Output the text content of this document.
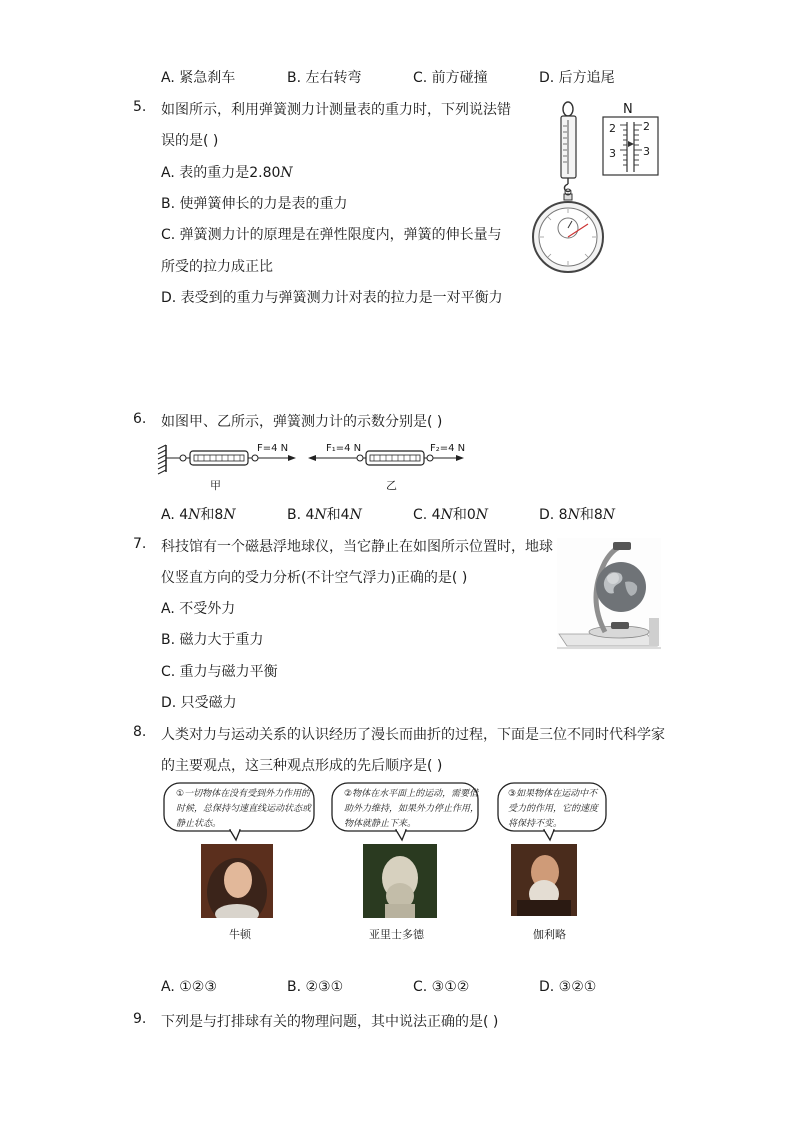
A. 紧急刹车	B. 左右转弯	C. 前方碰撞	D. 后方追尾
5. 如图所示，利用弹簧测力计测量表的重力时，下列说法错
误的是( )
A. 表的重力是2.80N
B. 使弹簧伸长的力是表的重力
C. 弹簧测力计的原理是在弹性限度内，弹簧的伸长量与
所受的拉力成正比
D. 表受到的重力与弹簧测力计对表的拉力是一对平衡力
N
2 2
3 3
6. 如图甲、乙所示，弹簧测力计的示数分别是( )
F=4 N	F₁=4 N	F₂=4 N
甲	乙
A. 4N和8N	B. 4N和4N	C. 4N和0N	D. 8N和8N
7. 科技馆有一个磁悬浮地球仪，当它静止在如图所示位置时，地球
仪竖直方向的受力分析(不计空气浮力)正确的是( )
A. 不受外力
B. 磁力大于重力
C. 重力与磁力平衡
D. 只受磁力
8. 人类对力与运动关系的认识经历了漫长而曲折的过程，下面是三位不同时代科学家
的主要观点，这三种观点形成的先后顺序是( )
①一切物体在没有受到外力作用的时候，总保持匀速直线运动状态或静止状态。
②物体在水平面上的运动，需要借助外力维持，如果外力停止作用，物体就静止下来。
③如果物体在运动中不受力的作用，它的速度将保持不变。
牛顿	亚里士多德	伽利略
A. ①②③	B. ②③①	C. ③①②	D. ③②①
9. 下列是与打排球有关的物理问题，其中说法正确的是( )
